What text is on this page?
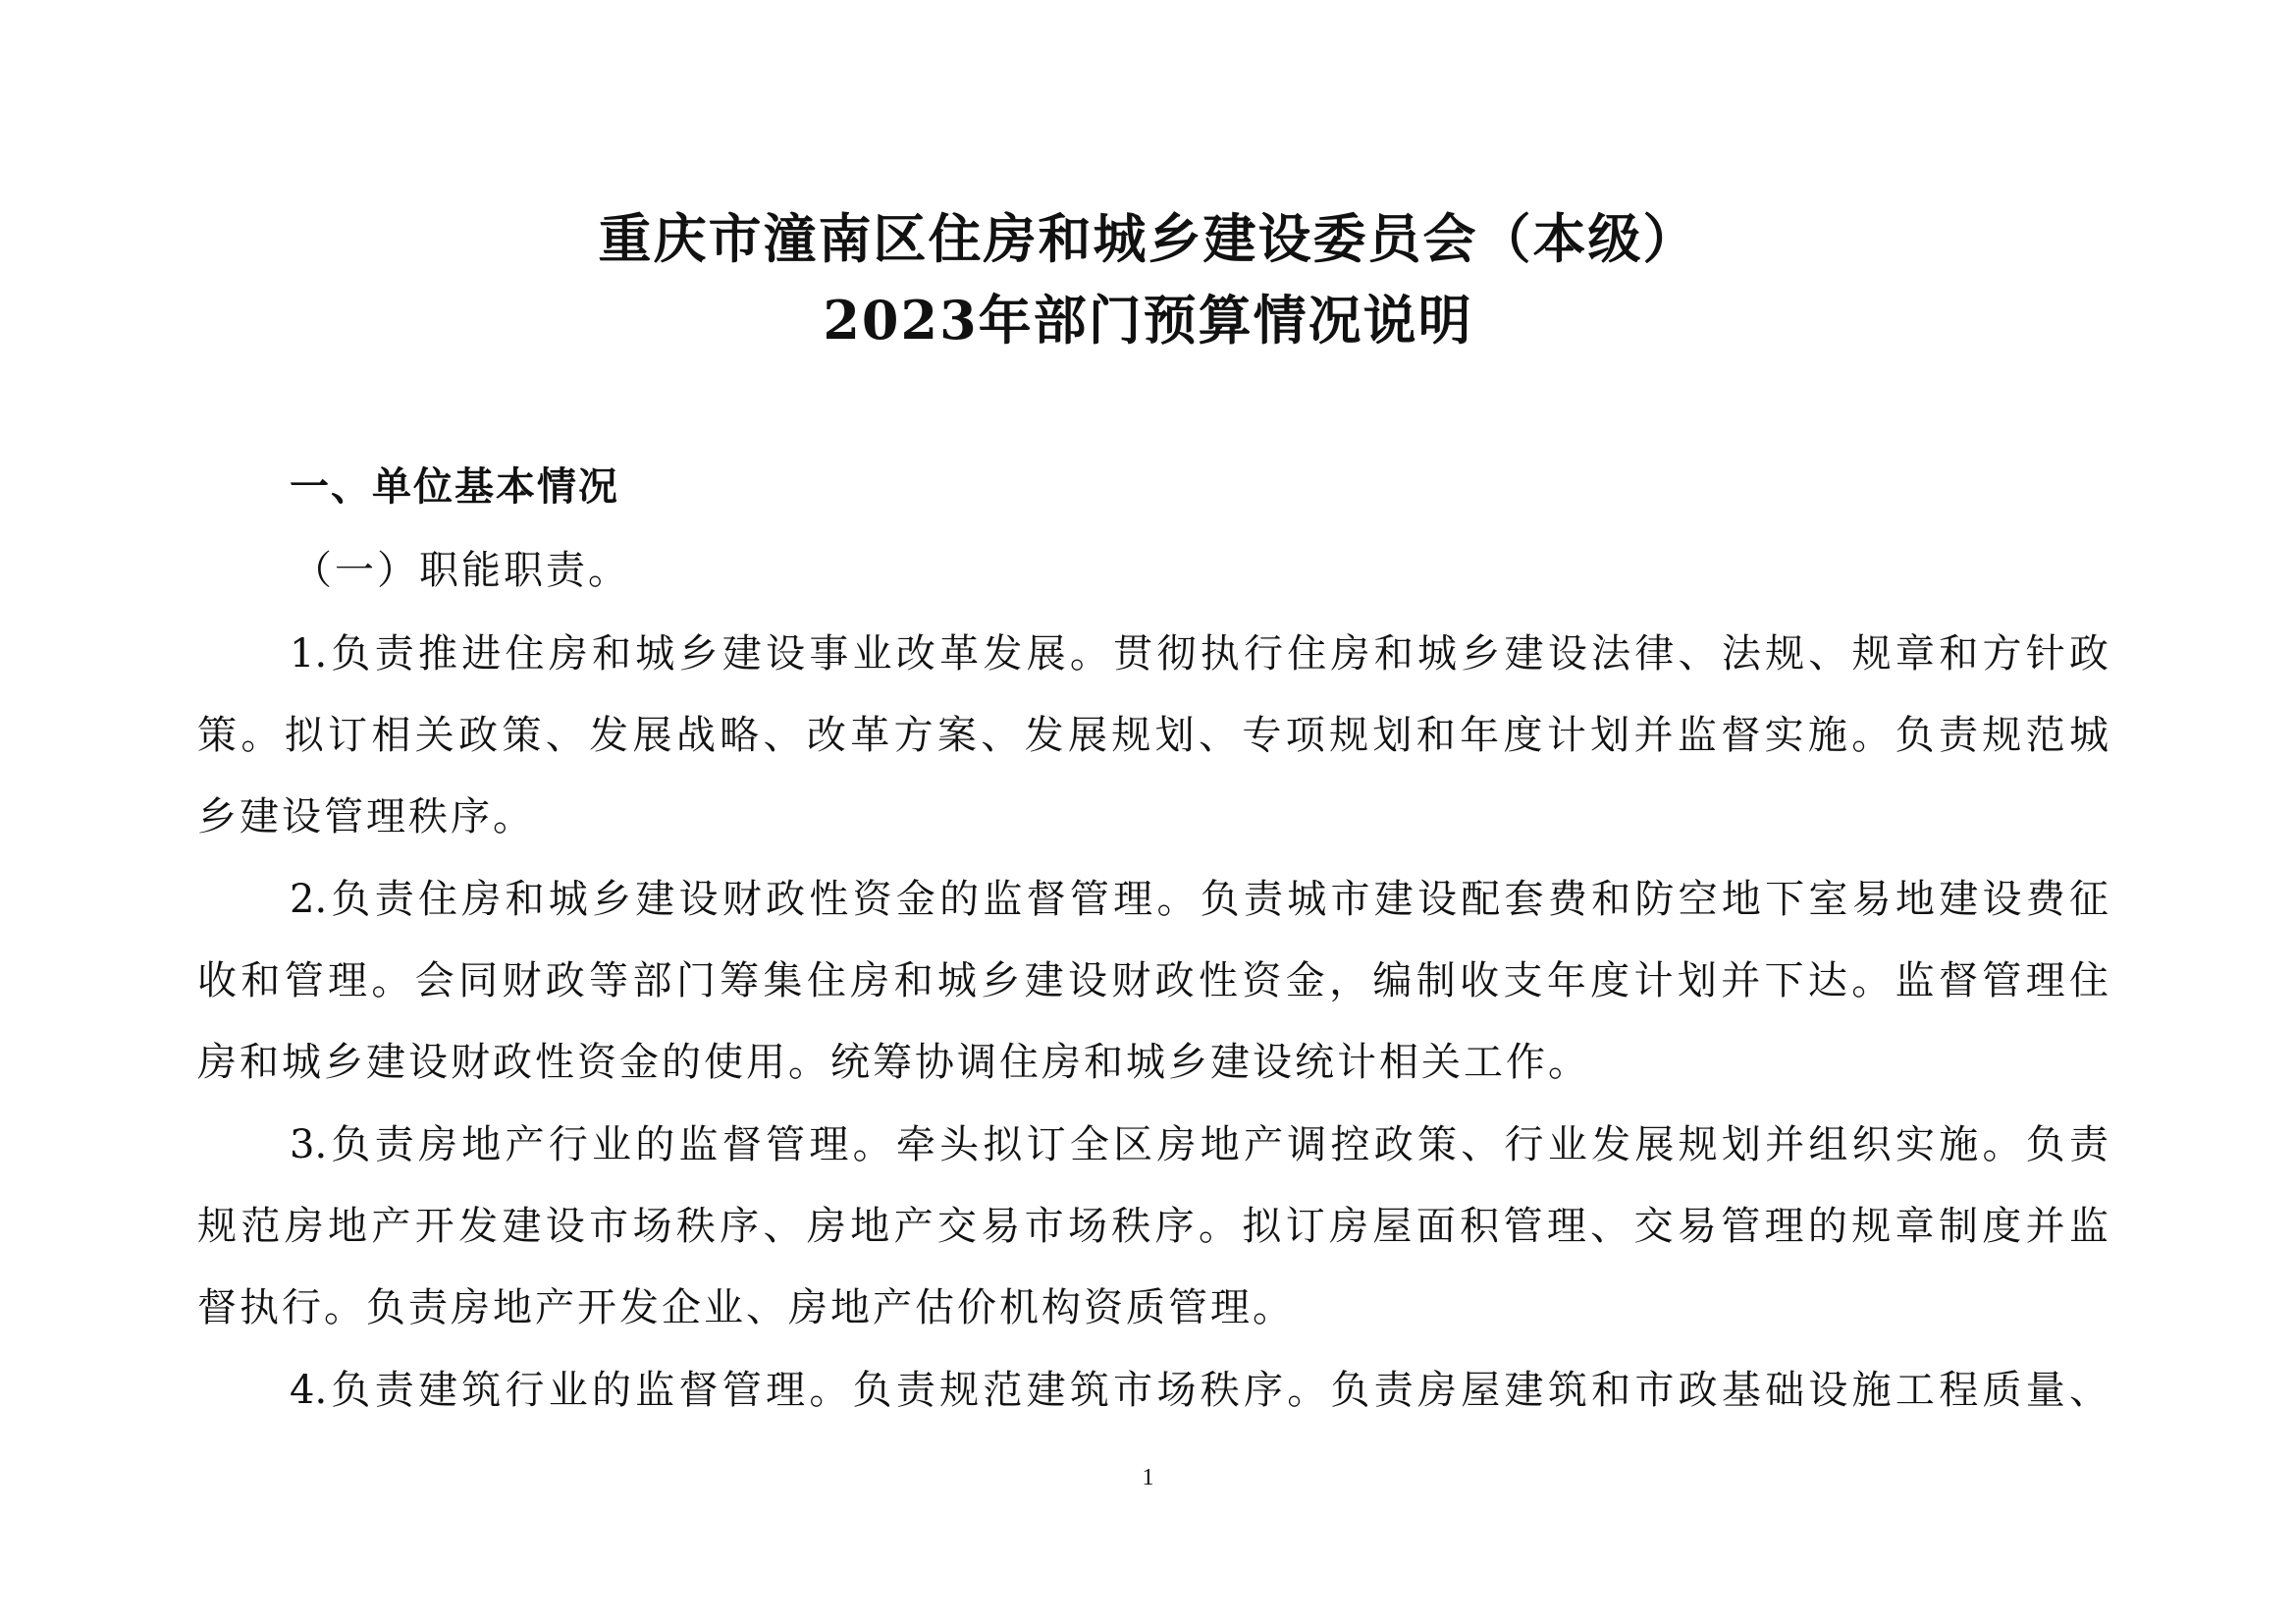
重庆市潼南区住房和城乡建设委员会（本级）
2023年部门预算情况说明
一、单位基本情况
（一）职能职责。
1.负责推进住房和城乡建设事业改革发展。贯彻执行住房和城乡建设法律、法规、规章和方针政
策。拟订相关政策、发展战略、改革方案、发展规划、专项规划和年度计划并监督实施。负责规范城
乡建设管理秩序。
2.负责住房和城乡建设财政性资金的监督管理。负责城市建设配套费和防空地下室易地建设费征
收和管理。会同财政等部门筹集住房和城乡建设财政性资金，编制收支年度计划并下达。监督管理住
房和城乡建设财政性资金的使用。统筹协调住房和城乡建设统计相关工作。
3.负责房地产行业的监督管理。牵头拟订全区房地产调控政策、行业发展规划并组织实施。负责
规范房地产开发建设市场秩序、房地产交易市场秩序。拟订房屋面积管理、交易管理的规章制度并监
督执行。负责房地产开发企业、房地产估价机构资质管理。
4.负责建筑行业的监督管理。负责规范建筑市场秩序。负责房屋建筑和市政基础设施工程质量、
1
